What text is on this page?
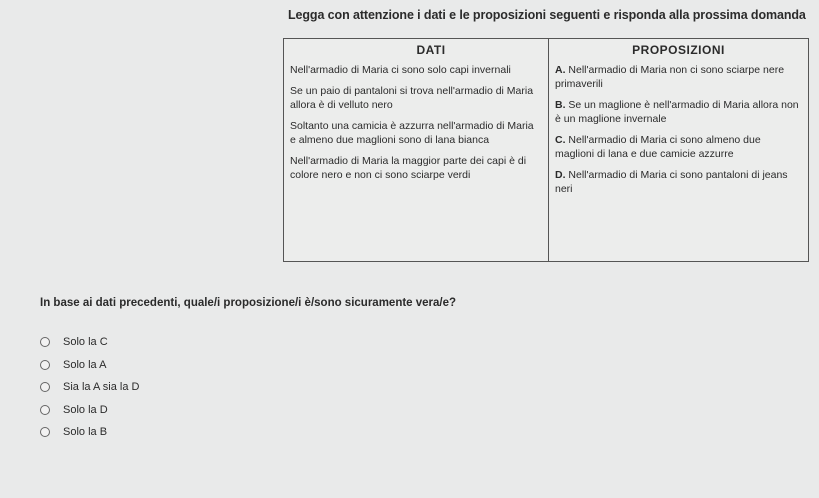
Legga con attenzione i dati e le proposizioni seguenti e risponda alla prossima domanda
DATI
Nell'armadio di Maria ci sono solo capi invernali
Se un paio di pantaloni si trova nell'armadio di Maria allora è di velluto nero
Soltanto una camicia è azzurra nell'armadio di Maria e almeno due maglioni sono di lana bianca
Nell'armadio di Maria la maggior parte dei capi è di colore nero e non ci sono sciarpe verdi
PROPOSIZIONI
A. Nell'armadio di Maria non ci sono sciarpe nere primaverili
B. Se un maglione è nell'armadio di Maria allora non è un maglione invernale
C. Nell'armadio di Maria ci sono almeno due maglioni di lana e due camicie azzurre
D. Nell'armadio di Maria ci sono pantaloni di jeans neri
In base ai dati precedenti, quale/i proposizione/i è/sono sicuramente vera/e?
Solo la C
Solo la A
Sia la A sia la D
Solo la D
Solo la B
